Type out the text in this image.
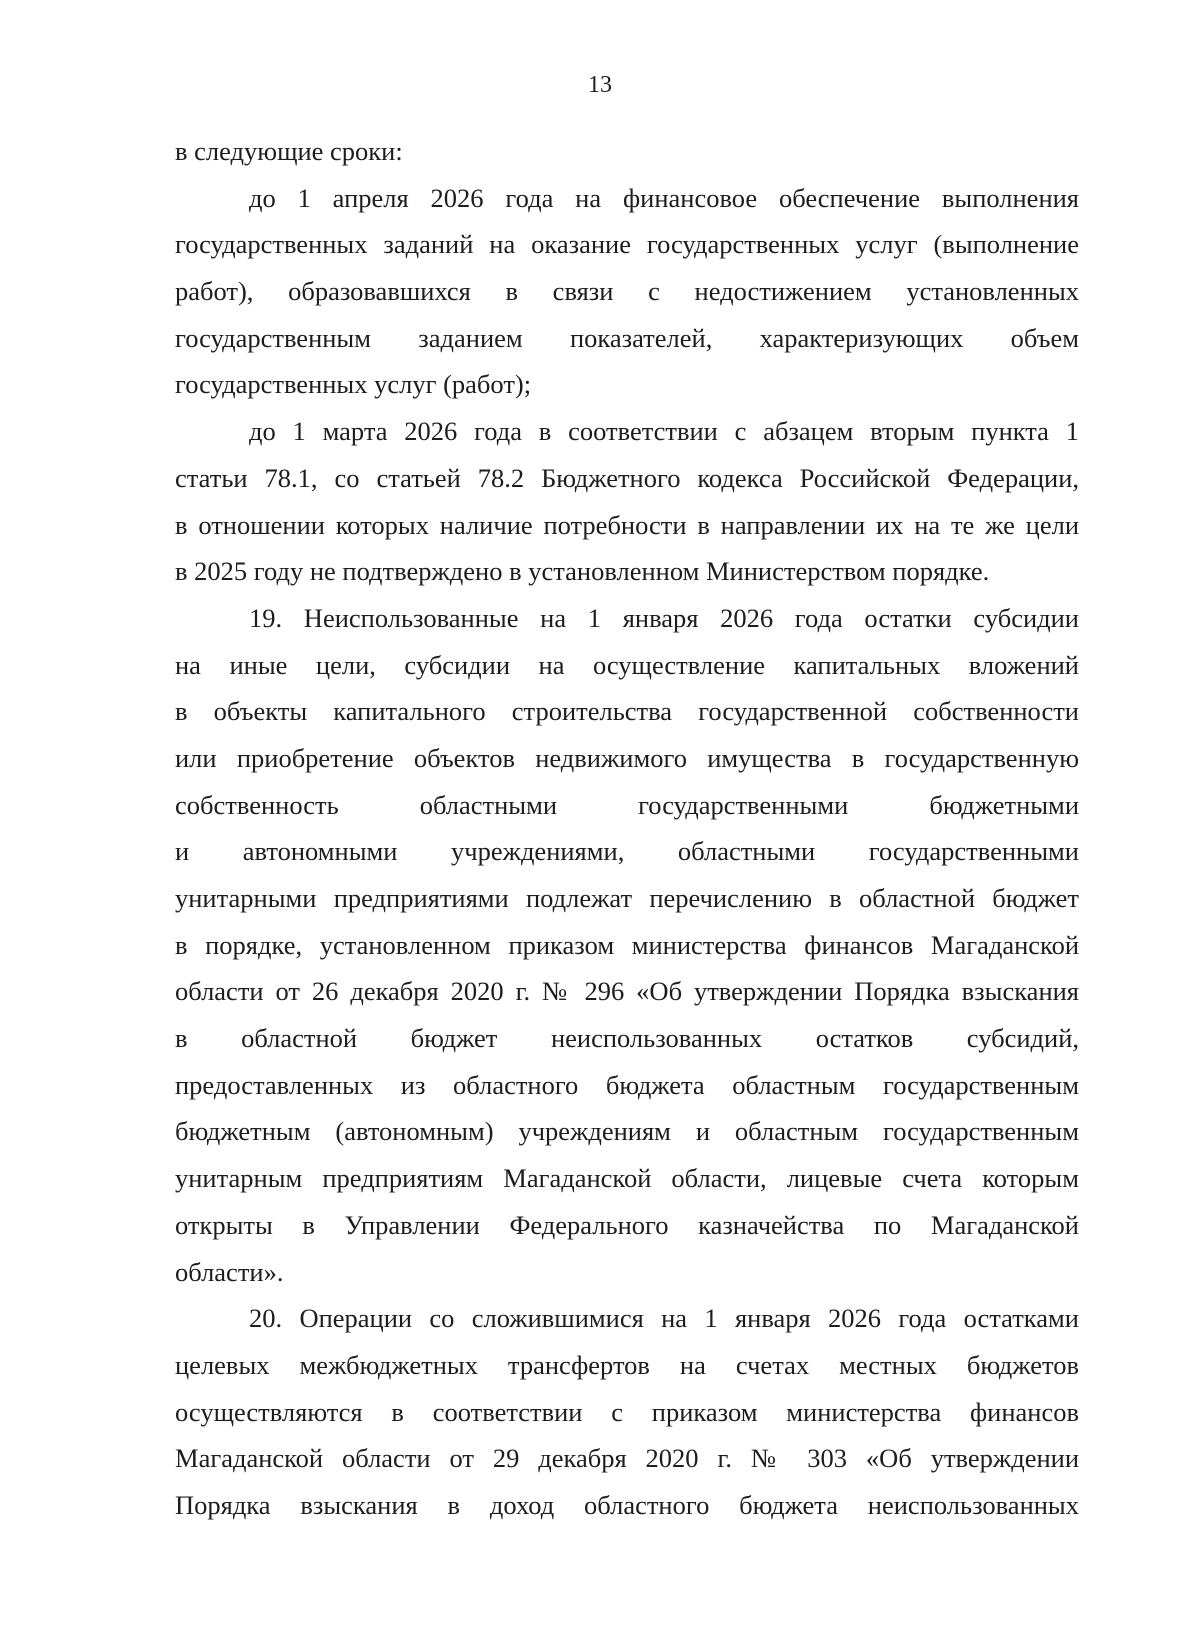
13
в следующие сроки:
до 1 апреля 2026 года на финансовое обеспечение выполнения
государственных заданий на оказание государственных услуг (выполнение
работ), образовавшихся в связи с недостижением установленных
государственным заданием показателей, характеризующих объем
государственных услуг (работ);
до 1 марта 2026 года в соответствии с абзацем вторым пункта 1
статьи 78.1, со статьей 78.2 Бюджетного кодекса Российской Федерации,
в отношении которых наличие потребности в направлении их на те же цели
в 2025 году не подтверждено в установленном Министерством порядке.
19. Неиспользованные на 1 января 2026 года остатки субсидии
на иные цели, субсидии на осуществление капитальных вложений
в объекты капитального строительства государственной собственности
или приобретение объектов недвижимого имущества в государственную
собственность областными государственными бюджетными
и автономными учреждениями, областными государственными
унитарными предприятиями подлежат перечислению в областной бюджет
в порядке, установленном приказом министерства финансов Магаданской
области от 26 декабря 2020 г. № 296 «Об утверждении Порядка взыскания
в областной бюджет неиспользованных остатков субсидий,
предоставленных из областного бюджета областным государственным
бюджетным (автономным) учреждениям и областным государственным
унитарным предприятиям Магаданской области, лицевые счета которым
открыты в Управлении Федерального казначейства по Магаданской
области».
20. Операции со сложившимися на 1 января 2026 года остатками
целевых межбюджетных трансфертов на счетах местных бюджетов
осуществляются в соответствии с приказом министерства финансов
Магаданской области от 29 декабря 2020 г. № 303 «Об утверждении
Порядка взыскания в доход областного бюджета неиспользованных
